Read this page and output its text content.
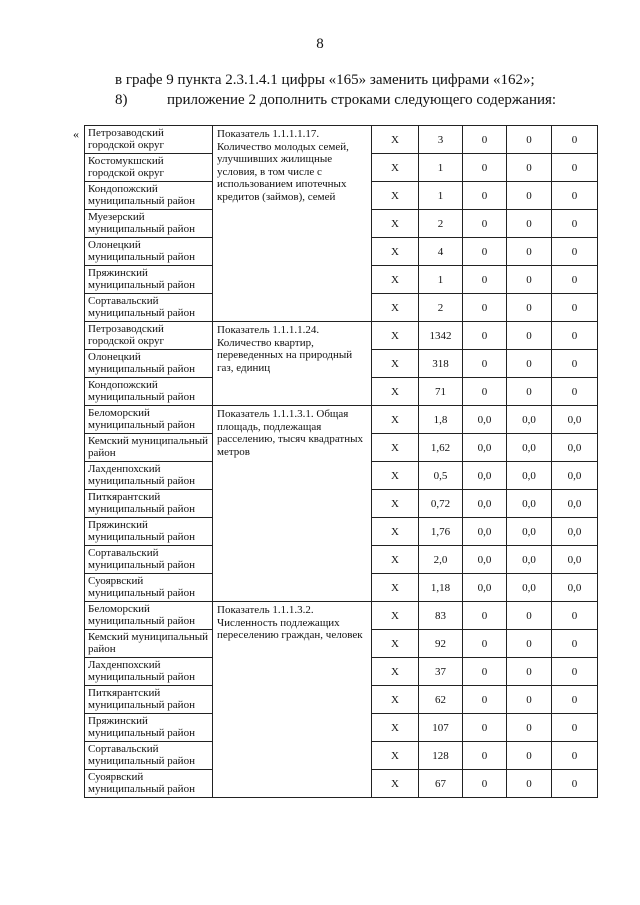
8
в графе 9 пункта 2.3.1.4.1 цифры «165» заменить цифрами «162»;
8)	приложение 2 дополнить строками следующего содержания:
« Петрозаводский городской округ	Показатель 1.1.1.1.17. Количество молодых семей, улучшивших жилищные условия, в том числе с использованием ипотечных кредитов (займов), семей	X	3	0	0	0
Костомукшский городской округ		X	1	0	0	0
Кондопожский муниципальный район		X	1	0	0	0
Муезерский муниципальный район		X	2	0	0	0
Олонецкий муниципальный район		X	4	0	0	0
Пряжинский муниципальный район		X	1	0	0	0
Сортавальский муниципальный район		X	2	0	0	0
Петрозаводский городской округ	Показатель 1.1.1.1.24. Количество квартир, переведенных на природный газ, единиц	X	1342	0	0	0
Олонецкий муниципальный район		X	318	0	0	0
Кондопожский муниципальный район		X	71	0	0	0
Беломорский муниципальный район	Показатель 1.1.1.3.1. Общая площадь, подлежащая расселению, тысяч квадратных метров	X	1,8	0,0	0,0	0,0
Кемский муниципальный район		X	1,62	0,0	0,0	0,0
Лахденпохский муниципальный район		X	0,5	0,0	0,0	0,0
Питкярантский муниципальный район		X	0,72	0,0	0,0	0,0
Пряжинский муниципальный район		X	1,76	0,0	0,0	0,0
Сортавальский муниципальный район		X	2,0	0,0	0,0	0,0
Суоярвский муниципальный район		X	1,18	0,0	0,0	0,0
Беломорский муниципальный район	Показатель 1.1.1.3.2. Численность подлежащих переселению граждан, человек	X	83	0	0	0
Кемский муниципальный район		X	92	0	0	0
Лахденпохский муниципальный район		X	37	0	0	0
Питкярантский муниципальный район		X	62	0	0	0
Пряжинский муниципальный район		X	107	0	0	0
Сортавальский муниципальный район		X	128	0	0	0
Суоярвский муниципальный район		X	67	0	0	0
